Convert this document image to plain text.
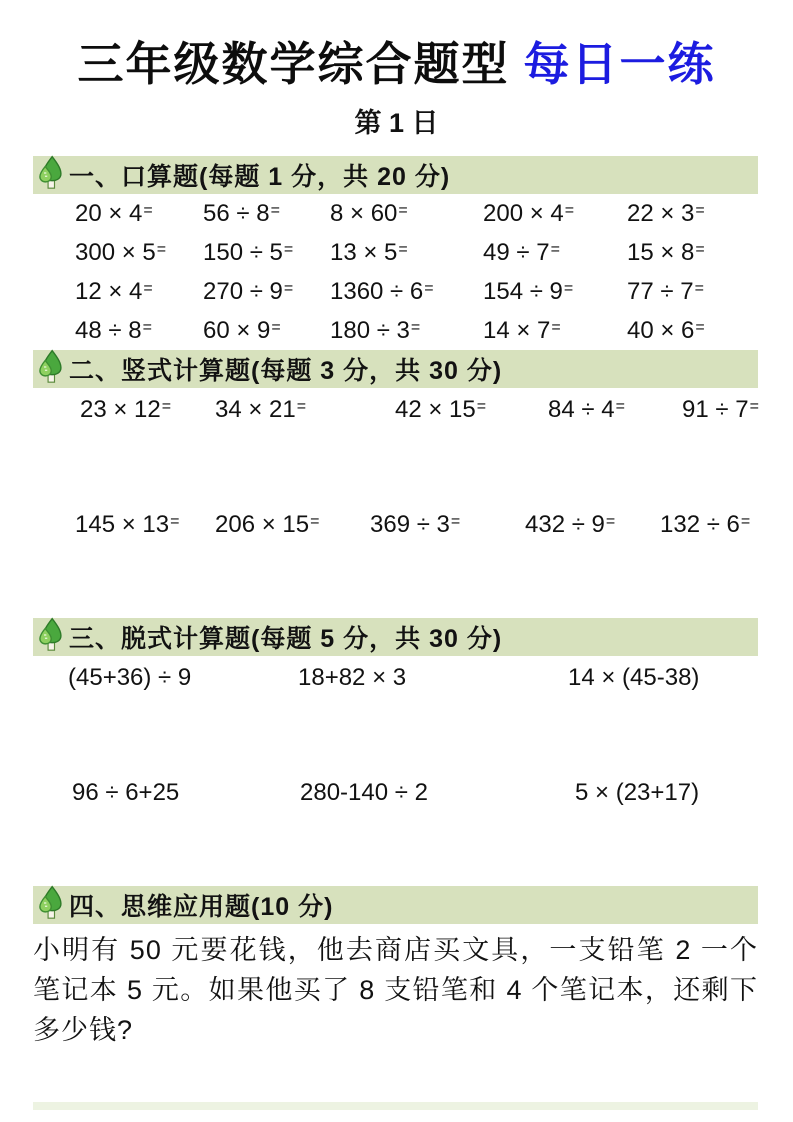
三年级数学综合题型 每日一练
第 1 日
一、口算题(每题 1 分，共 20 分)
20 × 4=	56 ÷ 8=	8 × 60=	200 × 4=	22 × 3=
300 × 5=	150 ÷ 5=	13 × 5=	49 ÷ 7=	15 × 8=
12 × 4=	270 ÷ 9=	1360 ÷ 6=	154 ÷ 9=	77 ÷ 7=
48 ÷ 8=	60 × 9=	180 ÷ 3=	14 × 7=	40 × 6=
二、竖式计算题(每题 3 分，共 30 分)
23 × 12=	34 × 21=	42 × 15=	84 ÷ 4=	91 ÷ 7=
145 × 13=	206 × 15=	369 ÷ 3=	432 ÷ 9=	132 ÷ 6=
三、脱式计算题(每题 5 分，共 30 分)
(45+36) ÷ 9	18+82 × 3	14 × (45-38)
96 ÷ 6+25	280-140 ÷ 2	5 × (23+17)
四、思维应用题(10 分)
小明有 50 元要花钱，他去商店买文具，一支铅笔 2 一个笔记本 5 元。如果他买了 8 支铅笔和 4 个笔记本，还剩下多少钱?
